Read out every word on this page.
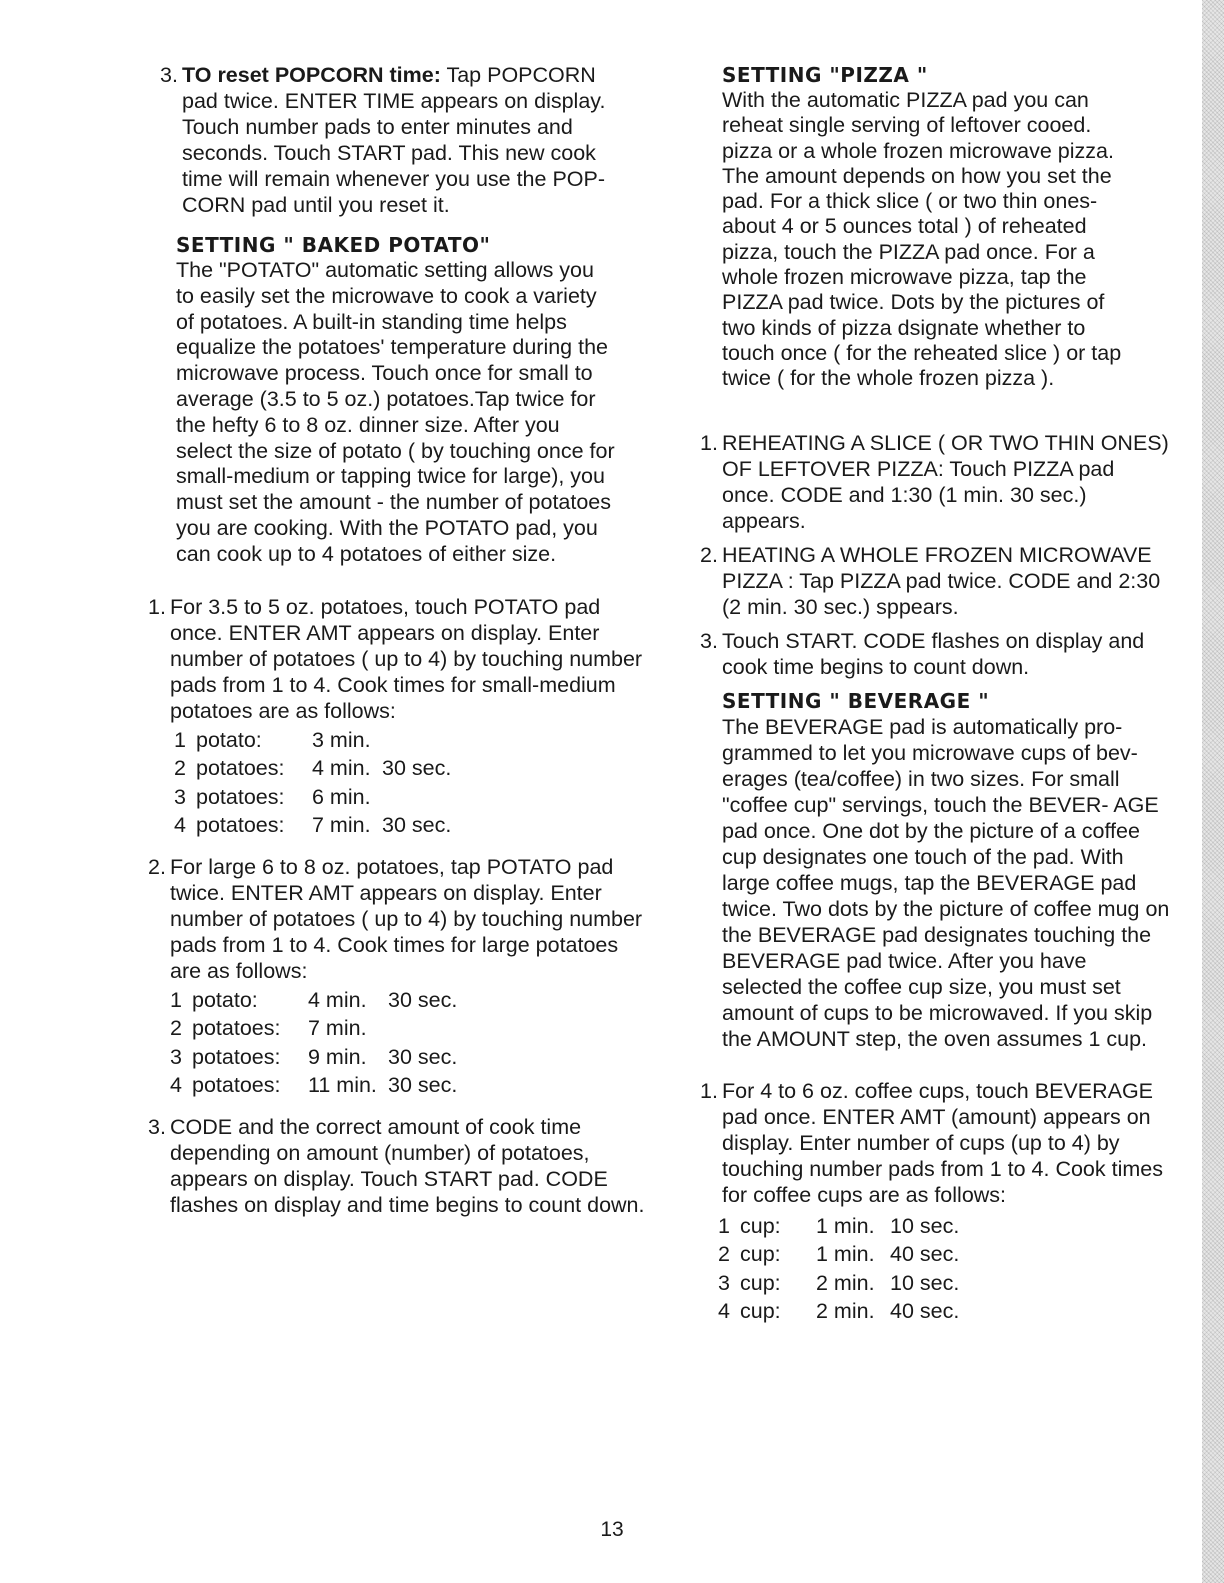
3. TO reset POPCORN time: Tap POPCORN pad twice. ENTER TIME appears on display. Touch number pads to enter minutes and seconds. Touch START pad. This new cook time will remain whenever you use the POP- CORN pad until you reset it.

SETTING " BAKED POTATO"

The "POTATO" automatic setting allows you to easily set the microwave to cook a variety of potatoes. A built-in standing time helps equalize the potatoes' temperature during the microwave process. Touch once for small to average (3.5 to 5 oz.) potatoes.Tap twice for the hefty 6 to 8 oz. dinner size. After you select the size of potato ( by touching once for small-medium or tapping twice for large), you must set the amount - the number of potatoes you are cooking. With the POTATO pad, you can cook up to 4 potatoes of either size.

1. For 3.5 to 5 oz. potatoes, touch POTATO pad once. ENTER AMT appears on display. Enter number of potatoes ( up to 4) by touching number pads from 1 to 4. Cook times for small-medium potatoes are as follows:

1	potato:	3 min.	
2	potatoes:	4 min.	30 sec.
3	potatoes:	6 min.	
4	potatoes:	7 min.	30 sec.
2. For large 6 to 8 oz. potatoes, tap POTATO pad twice. ENTER AMT appears on display. Enter number of potatoes ( up to 4) by touching number pads from 1 to 4. Cook times for large potatoes are as follows:

1	potato:	4 min.	30 sec.
2	potatoes:	7 min.	
3	potatoes:	9 min.	30 sec.
4	potatoes:	11 min.	30 sec.
3. CODE and the correct amount of cook time depending on amount (number) of potatoes, appears on display. Touch START pad. CODE flashes on display and time begins to count down.

SETTING "PIZZA "

With the automatic PIZZA pad you can reheat single serving of leftover cooed. pizza or a whole frozen microwave pizza. The amount depends on how you set the pad. For a thick slice ( or two thin ones- about 4 or 5 ounces total ) of reheated pizza, touch the PIZZA pad once. For a whole frozen microwave pizza, tap the PIZZA pad twice. Dots by the pictures of two kinds of pizza dsignate whether to touch once ( for the reheated slice ) or tap twice ( for the whole frozen pizza ).

1. REHEATING A SLICE ( OR TWO THIN ONES) OF LEFTOVER PIZZA: Touch PIZZA pad once. CODE and 1:30 (1 min. 30 sec.) appears.

2. HEATING A WHOLE FROZEN MICROWAVE PIZZA : Tap PIZZA pad twice. CODE and 2:30 (2 min. 30 sec.) sppears.

3. Touch START. CODE flashes on display and cook time begins to count down.

SETTING " BEVERAGE "

The BEVERAGE pad is automatically pro- grammed to let you microwave cups of bev- erages (tea/coffee) in two sizes. For small "coffee cup" servings, touch the BEVER- AGE pad once. One dot by the picture of a coffee cup designates one touch of the pad. With large coffee mugs, tap the BEVERAGE pad twice. Two dots by the picture of coffee mug on the BEVERAGE pad designates touching the BEVERAGE pad twice. After you have selected the coffee cup size, you must set amount of cups to be microwaved. If you skip the AMOUNT step, the oven assumes 1 cup.

1. For 4 to 6 oz. coffee cups, touch BEVERAGE pad once. ENTER AMT (amount) appears on display. Enter number of cups (up to 4) by touching number pads from 1 to 4. Cook times for coffee cups are as follows:

1	cup:	1 min.	10 sec.
2	cup:	1 min.	40 sec.
3	cup:	2 min.	10 sec.
4	cup:	2 min.	40 sec.
13
